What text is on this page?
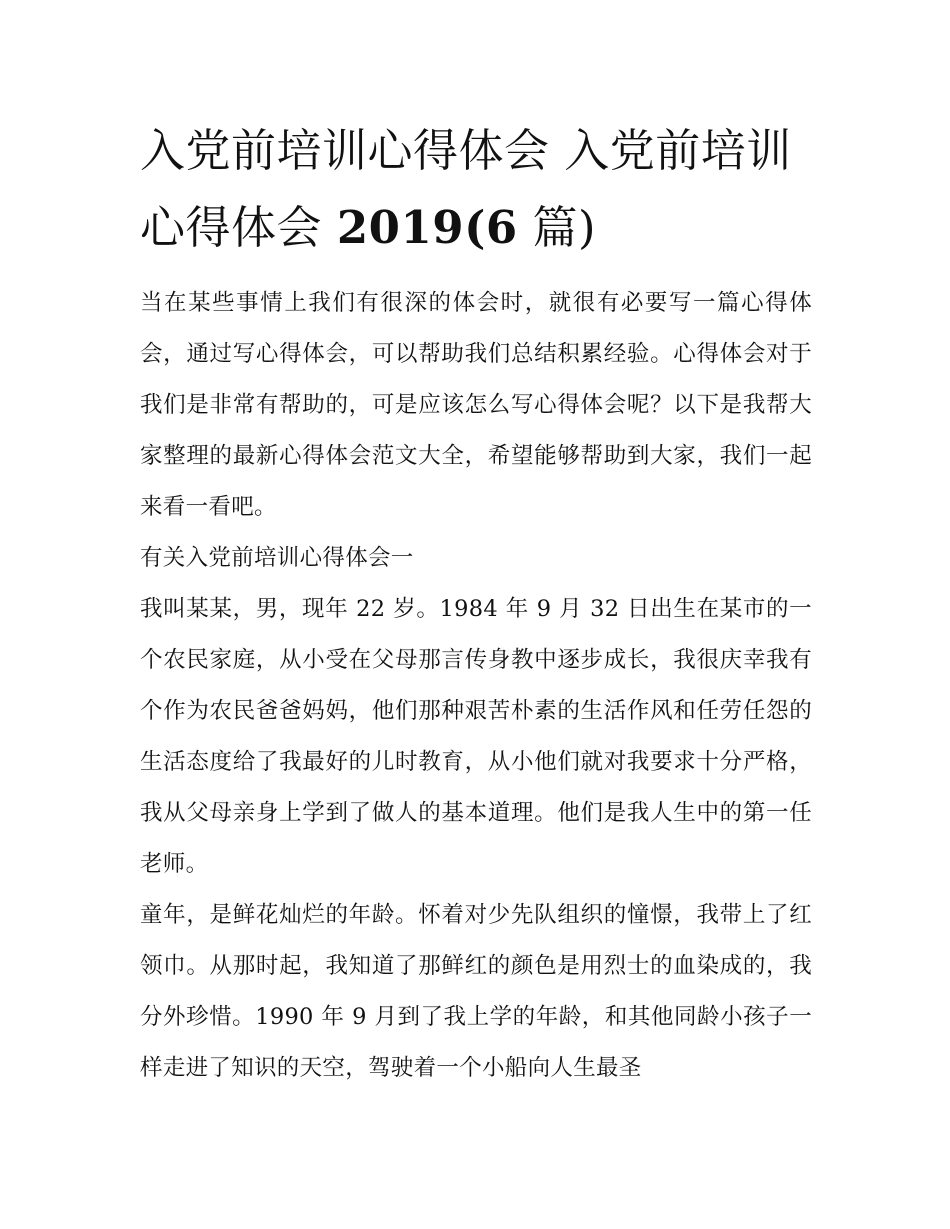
入党前培训心得体会 入党前培训心得体会 2019(6 篇)

当在某些事情上我们有很深的体会时，就很有必要写一篇心得体会，通过写心得体会，可以帮助我们总结积累经验。心得体会对于我们是非常有帮助的，可是应该怎么写心得体会呢？以下是我帮大家整理的最新心得体会范文大全，希望能够帮助到大家，我们一起来看一看吧。

有关入党前培训心得体会一

我叫某某，男，现年 22 岁。1984 年 9 月 32 日出生在某市的一个农民家庭，从小受在父母那言传身教中逐步成长，我很庆幸我有个作为农民爸爸妈妈，他们那种艰苦朴素的生活作风和任劳任怨的生活态度给了我最好的儿时教育，从小他们就对我要求十分严格，我从父母亲身上学到了做人的基本道理。他们是我人生中的第一任老师。

童年，是鲜花灿烂的年龄。怀着对少先队组织的憧憬，我带上了红领巾。从那时起，我知道了那鲜红的颜色是用烈士的血染成的，我分外珍惜。1990 年 9 月到了我上学的年龄，和其他同龄小孩子一样走进了知识的天空，驾驶着一个小船向人生最圣
